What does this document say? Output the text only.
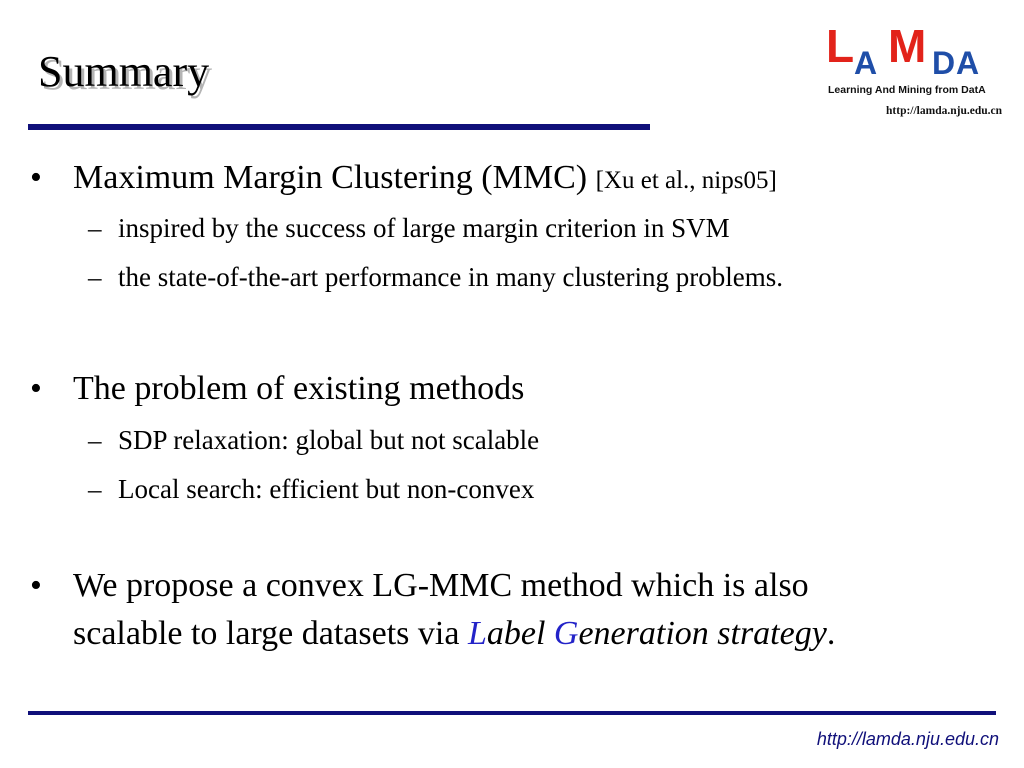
Summary	L A M D A
Learning And Mining from DatA
http://lamda.nju.edu.cn
• Maximum Margin Clustering (MMC) [Xu et al., nips05]
– inspired by the success of large margin criterion in SVM
– the state-of-the-art performance in many clustering problems.
• The problem of existing methods
– SDP relaxation: global but not scalable
– Local search: efficient but non-convex
• We propose a convex LG-MMC method which is also
scalable to large datasets via Label Generation strategy.
http://lamda.nju.edu.cn
